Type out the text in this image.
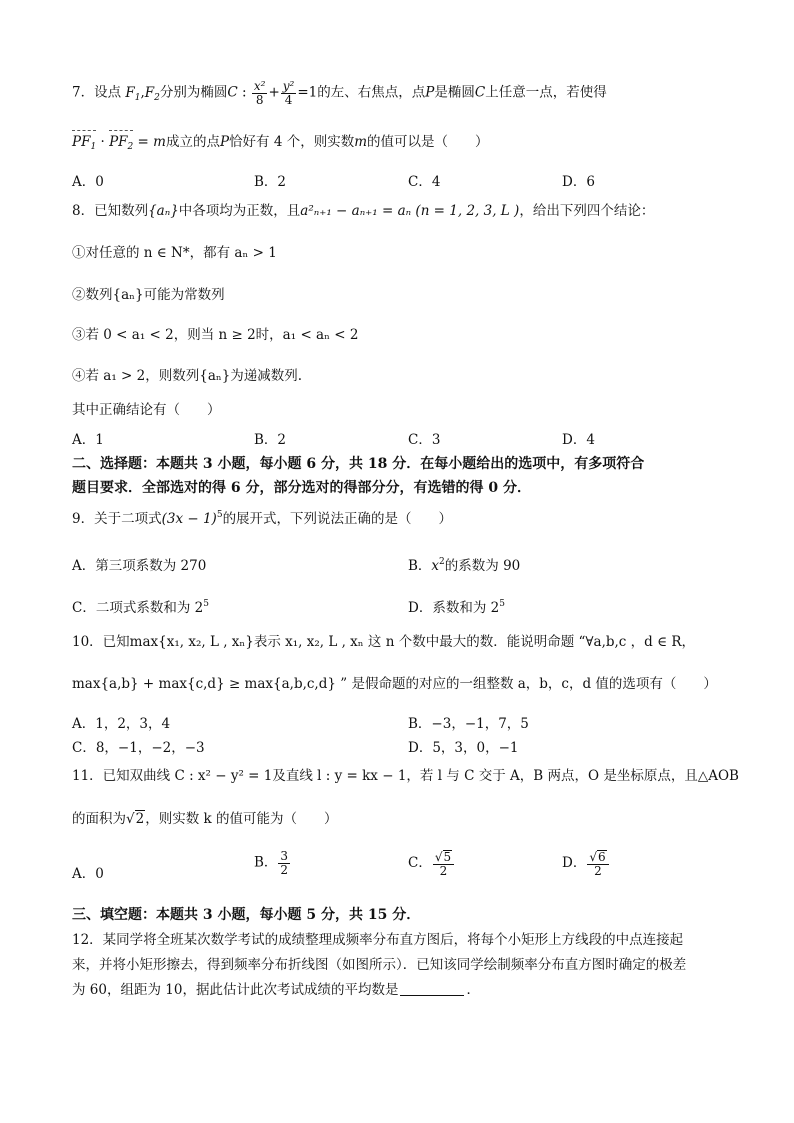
7．设点 $F_1,F_2$分别为椭圆C : $\frac{\text{x²}}{8} + \frac{\text{y²}}{4} =1$的左、右焦点，点P是椭圆C上任意一点，若使得
$PF_1 \cdot PF_2 = m$成立的点P恰好有 4 个，则实数m的值可以是（　　）
A．0	B．2	C．4	D．6
8．已知数列{aₙ}中各项均为正数，且a²ₙ₊₁ − aₙ₊₁ = aₙ (n = 1, 2, 3, L )，给出下列四个结论：
①对任意的 n ∈ N*，都有 aₙ > 1
②数列{aₙ}可能为常数列
③若 0 < a₁ < 2，则当 n ≥ 2时，a₁ < aₙ < 2
④若 a₁ > 2，则数列{aₙ}为递减数列.
其中正确结论有（　　）
A．1	B．2	C．3	D．4
二、选择题：本题共 3 小题，每小题 6 分，共 18 分．在每小题给出的选项中，有多项符合
题目要求．全部选对的得 6 分，部分选对的得部分分，有选错的得 0 分．
9．关于二项式$(3x - 1)^5$的展开式，下列说法正确的是（　　）
A．第三项系数为 270	B．$x^2$的系数为 90
C．二项式系数和为 $2^5$	D．系数和为 $2^5$
10．已知max{x₁, x₂, L , xₙ}表示 x₁, x₂, L , xₙ 这 n 个数中最大的数．能说明命题 “∀a,b,c ，d ∈ R，
max{a,b} + max{c,d} ≥ max{a,b,c,d} ” 是假命题的对应的一组整数 a，b，c，d 值的选项有（　　）
A．1，2，3，4	B．−3，−1，7，5
C．8，−1，−2，−3	D．5，3，0，−1
11．已知双曲线 C : x² − y² = 1及直线 l : y = kx − 1，若 l 与 C 交于 A，B 两点，O 是坐标原点，且△AOB
的面积为√2，则实数 k 的值可能为（　　）
A．0
B． $\frac{3}{2}$	C． $\frac{√5}{2}$	D． $\frac{√6}{2}$
三、填空题：本题共 3 小题，每小题 5 分，共 15 分．
12．某同学将全班某次数学考试的成绩整理成频率分布直方图后，将每个小矩形上方线段的中点连接起
来，并将小矩形擦去，得到频率分布折线图（如图所示）．已知该同学绘制频率分布直方图时确定的极差
为 60，组距为 10，据此估计此次考试成绩的平均数是	．
